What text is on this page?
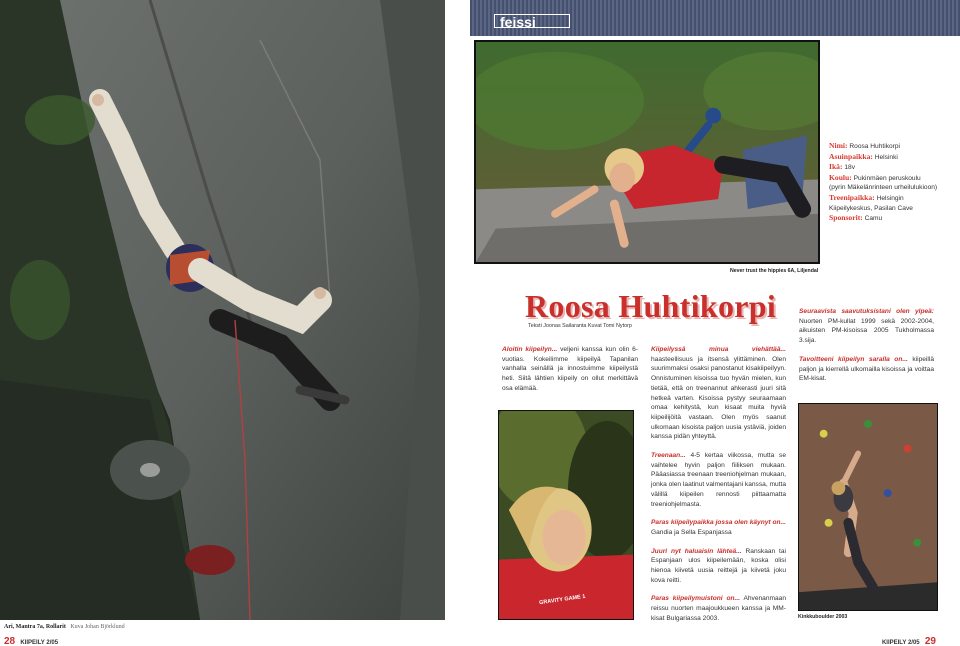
Ari, Mantra 7a, Rollarit Kuva Johan Björklund
28 KIIPEILY 2/05
feissi
Never trust the hippies 6A, Liljendal
Nimi: Roosa Huhtikorpi
Asuinpaikka: Helsinki
Ikä: 18v
Koulu: Pukinmäen peruskoulu (pyrin Mäkelänrinteen urheilulukioon)
Treenipaikka: Helsingin Kiipeilykeskus, Pasilan Cave
Sponsorit: Camu
Roosa Huhtikorpi
Teksti Joonas Sailaranta Kuvat Tomi Nytorp

Aloitin kiipeilyn... veljeni kanssa kun olin 6-vuotias. Kokeilimme kiipeilyä Tapanilan vanhalla seinällä ja innostuimme kiipeilystä heti. Siitä lähtien kiipeily on ollut merkittävä osa elämää.

GRAVITY GAME 1

Kiipeilyssä minua viehättää... haasteellisuus ja itsensä ylittäminen. Olen suurimmaksi osaksi panostanut kisakiipeilyyn. Onnistuminen kisoissa tuo hyvän mielen, kun tietää, että on treenannut ahkerasti juuri sitä hetkeä varten. Kisoissa pystyy seuraamaan omaa kehitystä, kun kisaat muita hyviä kiipeilijöitä vastaan. Olen myös saanut ulkomaan kisoista paljon uusia ystäviä, joiden kanssa pidän yhteyttä.

Treenaan... 4-5 kertaa viikossa, mutta se vaihtelee hyvin paljon fiiliksen mukaan. Pääasiassa treenaan treeniohjelman mukaan, jonka olen laatinut valmentajani kanssa, mutta välillä kiipeilen rennosti piittaamatta treeniohjelmasta.

Paras kiipeilypaikka jossa olen käynyt on... Gandia ja Sella Espanjassa

Juuri nyt haluaisin lähteä... Ranskaan tai Espanjaan ulos kiipeilemään, koska olisi hienoa kiivetä uusia reittejä ja kiivetä joku kova reitti.

Paras kiipeilymuistoni on... Ahvenanmaan reissu nuorten maajoukkueen kanssa ja MM-kisat Bulgariassa 2003.

Seuraavista saavutuksistani olen ylpeä: Nuorten PM-kullat 1999 sekä 2002-2004, aikuisten PM-kisoissa 2005 Tukholmassa 3.sija.

Tavoitteeni kiipeilyn saralla on... kiipeillä paljon ja kierrellä ulkomailla kisoissa ja voittaa EM-kisat.

Kinkkuboulder 2003
KIIPEILY 2/05 29
